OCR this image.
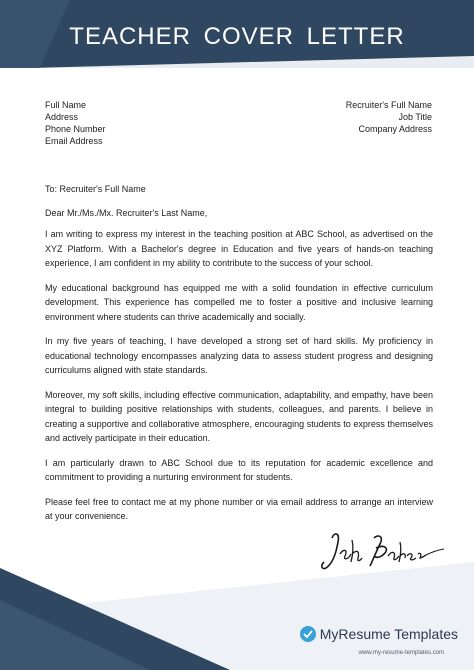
TEACHER COVER LETTER
Full Name
Address
Phone Number
Email Address
Recruiter's Full Name
Job Title
Company Address
To: Recruiter's Full Name
Dear Mr./Ms./Mx. Recruiter's Last Name,

I am writing to express my interest in the teaching position at ABC School, as advertised on the XYZ Platform. With a Bachelor's degree in Education and five years of hands-on teaching experience, I am confident in my ability to contribute to the success of your school.

My educational background has equipped me with a solid foundation in effective curriculum development. This experience has compelled me to foster a positive and inclusive learning environment where students can thrive academically and socially.

In my five years of teaching, I have developed a strong set of hard skills. My proficiency in educational technology encompasses analyzing data to assess student progress and designing curriculums aligned with state standards.

Moreover, my soft skills, including effective communication, adaptability, and empathy, have been integral to building positive relationships with students, colleagues, and parents. I believe in creating a supportive and collaborative atmosphere, encouraging students to express themselves and actively participate in their education.

I am particularly drawn to ABC School due to its reputation for academic excellence and commitment to providing a nurturing environment for students.

Please feel free to contact me at my phone number or via email address to arrange an interview at your convenience.

My Resume Templates
www.my-resume-templates.com
